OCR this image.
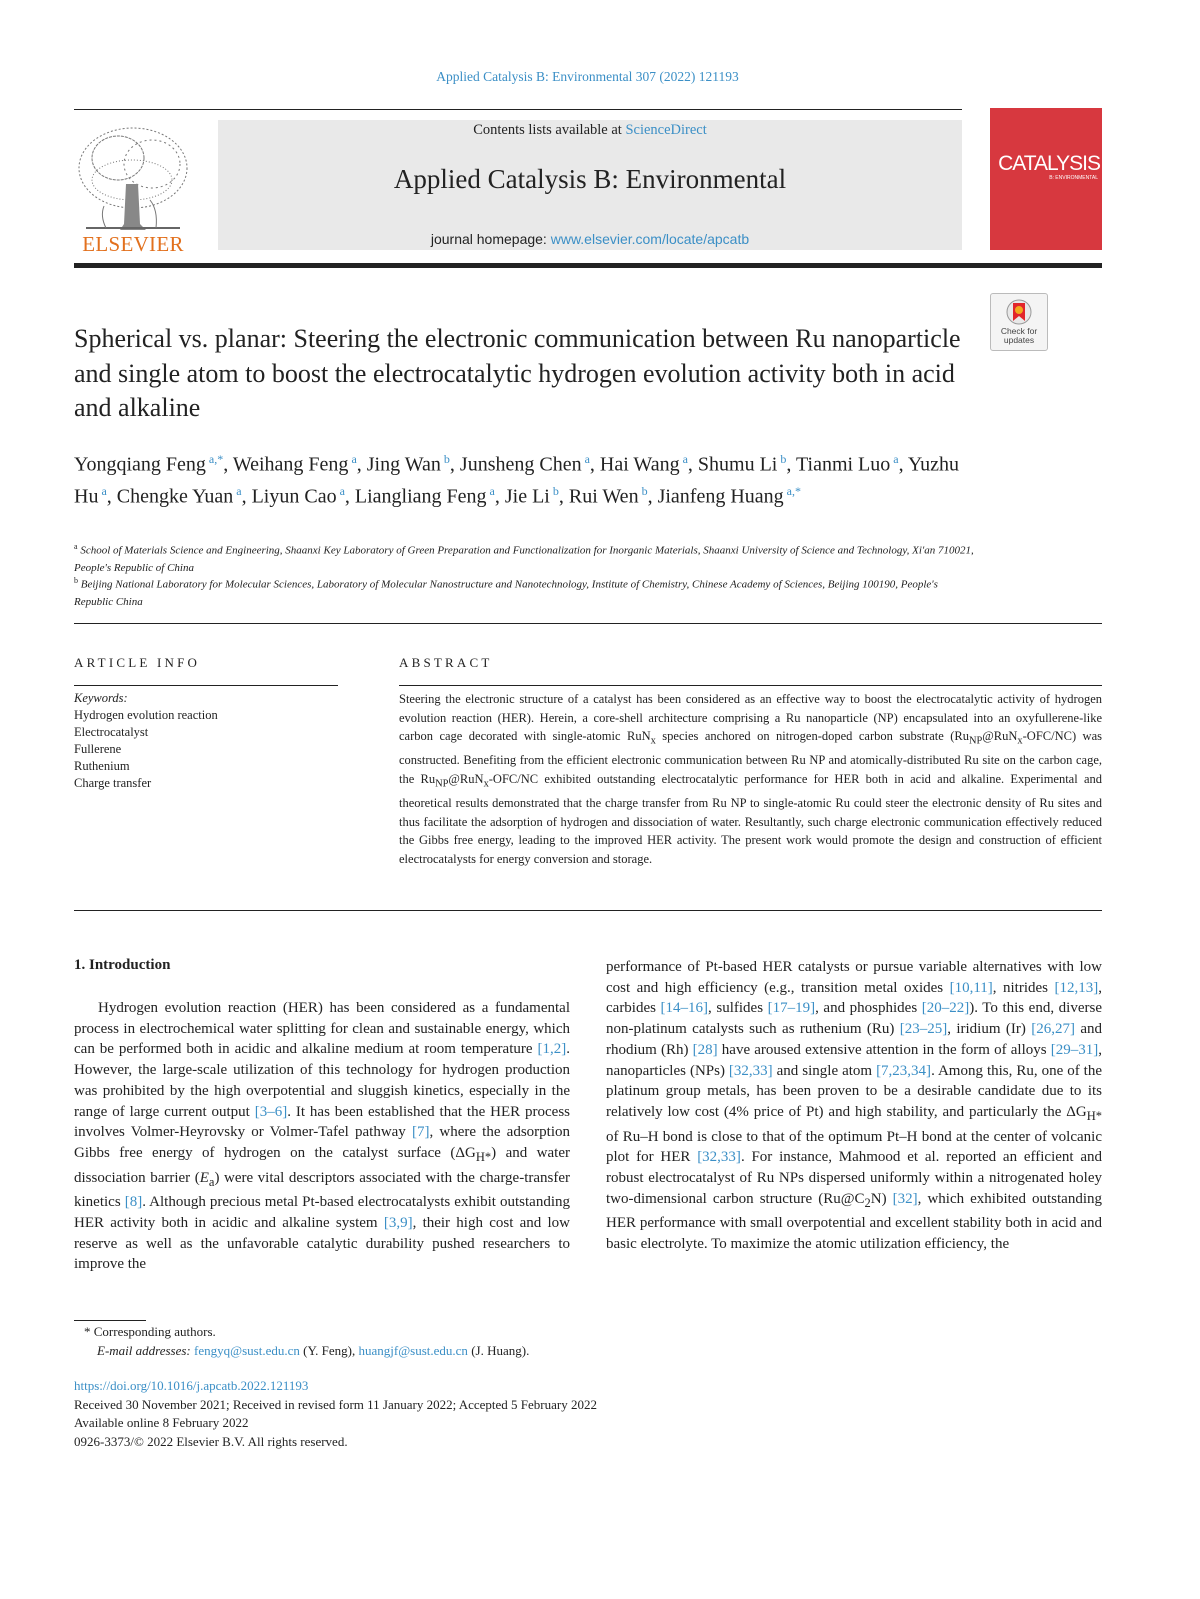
Applied Catalysis B: Environmental 307 (2022) 121193
ELSEVIER
Contents lists available at ScienceDirect
Applied Catalysis B: Environmental
journal homepage: www.elsevier.com/locate/apcatb
CATALYSIS
B: ENVIRONMENTAL
Check for updates
Spherical vs. planar: Steering the electronic communication between Ru nanoparticle and single atom to boost the electrocatalytic hydrogen evolution activity both in acid and alkaline
Yongqiang Feng $^{a,*}$, Weihang Feng $^a$, Jing Wan $^b$, Junsheng Chen $^a$, Hai Wang $^a$, Shumu Li $^b$, Tianmi Luo $^a$, Yuzhu Hu $^a$, Chengke Yuan $^a$, Liyun Cao $^a$, Liangliang Feng $^a$, Jie Li $^b$, Rui Wen $^b$, Jianfeng Huang $^{a,*}$
$^a$ School of Materials Science and Engineering, Shaanxi Key Laboratory of Green Preparation and Functionalization for Inorganic Materials, Shaanxi University of Science and Technology, Xi'an 710021, People's Republic of China
$^b$ Beijing National Laboratory for Molecular Sciences, Laboratory of Molecular Nanostructure and Nanotechnology, Institute of Chemistry, Chinese Academy of Sciences, Beijing 100190, People's Republic China
ARTICLE INFO
Keywords:
Hydrogen evolution reaction
Electrocatalyst
Fullerene
Ruthenium
Charge transfer
ABSTRACT
Steering the electronic structure of a catalyst has been considered as an effective way to boost the electrocatalytic activity of hydrogen evolution reaction (HER). Herein, a core-shell architecture comprising a Ru nanoparticle (NP) encapsulated into an oxyfullerene-like carbon cage decorated with single-atomic RuN$_x$ species anchored on nitrogen-doped carbon substrate $(Ru_{NP}@RuN_x-OFC/NC)$ was constructed. Benefiting from the efficient electronic communication between Ru NP and atomically-distributed Ru site on the carbon cage, the $Ru_{NP}@RuN_x-OFC/NC$ exhibited outstanding electrocatalytic performance for HER both in acid and alkaline. Experimental and theoretical results demonstrated that the charge transfer from Ru NP to single-atomic Ru could steer the electronic density of Ru sites and thus facilitate the adsorption of hydrogen and dissociation of water. Resultantly, such charge electronic communication effectively reduced the Gibbs free energy, leading to the improved HER activity. The present work would promote the design and construction of efficient electrocatalysts for energy conversion and storage.
1. Introduction

Hydrogen evolution reaction (HER) has been considered as a fundamental process in electrochemical water splitting for clean and sustainable energy, which can be performed both in acidic and alkaline medium at room temperature [1,2]. However, the large-scale utilization of this technology for hydrogen production was prohibited by the high overpotential and sluggish kinetics, especially in the range of large current output [3–6]. It has been established that the HER process involves Volmer-Heyrovsky or Volmer-Tafel pathway [7], where the adsorption Gibbs free energy of hydrogen on the catalyst surface $(\Delta G_{H*})$ and water dissociation barrier $(E_a)$ were vital descriptors associated with the charge-transfer kinetics [8]. Although precious metal Pt-based electrocatalysts exhibit outstanding HER activity both in acidic and alkaline system [3,9], their high cost and low reserve as well as the unfavorable catalytic durability pushed researchers to improve the

performance of Pt-based HER catalysts or pursue variable alternatives with low cost and high efficiency (e.g., transition metal oxides [10,11], nitrides [12,13], carbides [14–16], sulfides [17–19], and phosphides [20–22]). To this end, diverse non-platinum catalysts such as ruthenium (Ru) [23–25], iridium (Ir) [26,27] and rhodium (Rh) [28] have aroused extensive attention in the form of alloys [29–31], nanoparticles (NPs) [32,33] and single atom [7,23,34]. Among this, Ru, one of the platinum group metals, has been proven to be a desirable candidate due to its relatively low cost (4% price of Pt) and high stability, and particularly the $\Delta G_{H*}$ of Ru–H bond is close to that of the optimum Pt–H bond at the center of volcanic plot for HER [32,33]. For instance, Mahmood et al. reported an efficient and robust electrocatalyst of Ru NPs dispersed uniformly within a nitrogenated holey two-dimensional carbon structure $(Ru@C_2N)$ [32], which exhibited outstanding HER performance with small overpotential and excellent stability both in acid and basic electrolyte. To maximize the atomic utilization efficiency, the

* Corresponding authors.
E-mail addresses: fengyq@sust.edu.cn (Y. Feng), huangjf@sust.edu.cn (J. Huang).
https://doi.org/10.1016/j.apcatb.2022.121193
Received 30 November 2021; Received in revised form 11 January 2022; Accepted 5 February 2022
Available online 8 February 2022
0926-3373/© 2022 Elsevier B.V. All rights reserved.
